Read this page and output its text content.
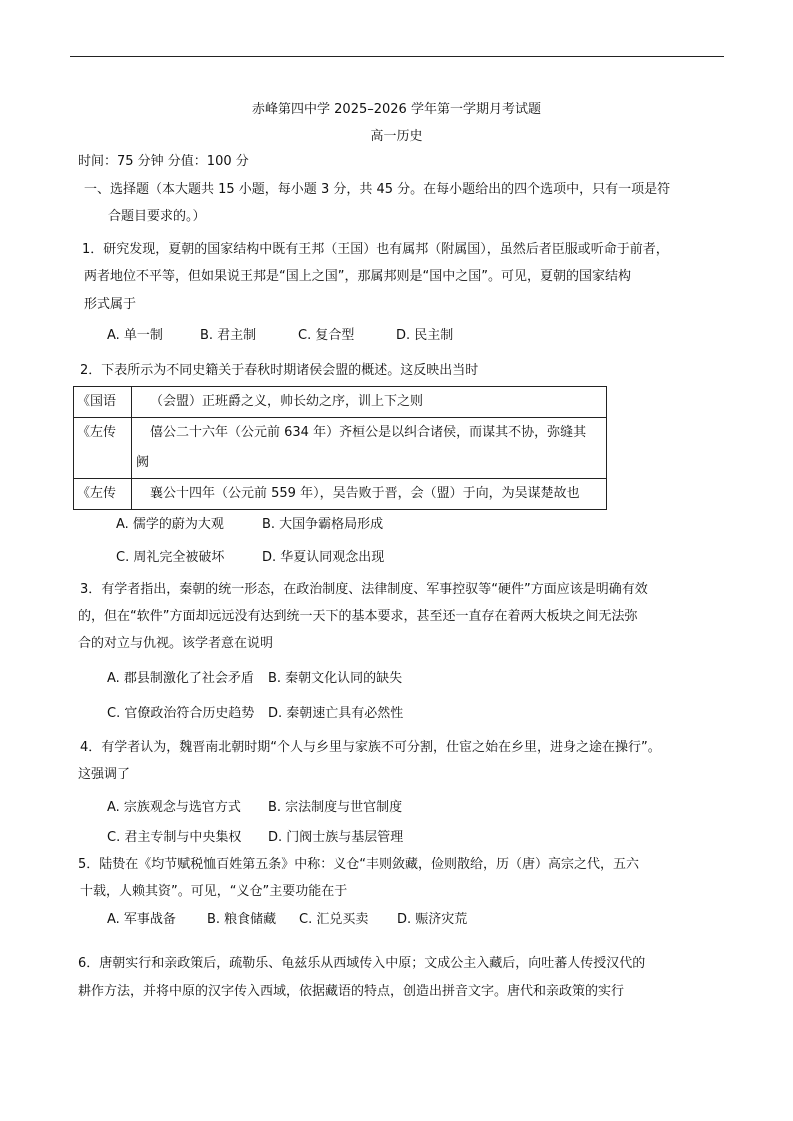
赤峰第四中学 2025–2026 学年第一学期月考试题
高一历史
时间：75 分钟 分值：100 分
一、选择题（本大题共 15 小题，每小题 3 分，共 45 分。在每小题给出的四个选项中，只有一项是符
合题目要求的。）
1．研究发现，夏朝的国家结构中既有王邦（王国）也有属邦（附属国），虽然后者臣服或听命于前者，
两者地位不平等，但如果说王邦是“国上之国”，那属邦则是“国中之国”。可见，夏朝的国家结构
形式属于
A. 单一制	B. 君主制	C. 复合型	D. 民主制
2．下表所示为不同史籍关于春秋时期诸侯会盟的概述。这反映出当时
《国语	（会盟）正班爵之义，帅长幼之序，训上下之则

《左传	僖公二十六年（公元前 634 年）齐桓公是以纠合诸侯，而谋其不协，弥缝其
阙

《左传	襄公十四年（公元前 559 年），吴告败于晋，会（盟）于向，为吴谋楚故也
A. 儒学的蔚为大观	B. 大国争霸格局形成
C. 周礼完全被破坏	D. 华夏认同观念出现
3．有学者指出，秦朝的统一形态，在政治制度、法律制度、军事控驭等“硬件”方面应该是明确有效
的，但在“软件”方面却远远没有达到统一天下的基本要求，甚至还一直存在着两大板块之间无法弥
合的对立与仇视。该学者意在说明
A. 郡县制激化了社会矛盾 B. 秦朝文化认同的缺失
C. 官僚政治符合历史趋势 D. 秦朝速亡具有必然性
4．有学者认为，魏晋南北朝时期“个人与乡里与家族不可分割，仕宦之始在乡里，进身之途在操行”。
这强调了
A. 宗族观念与选官方式 B. 宗法制度与世官制度
C. 君主专制与中央集权 D. 门阀士族与基层管理
5．陆贽在《均节赋税恤百姓第五条》中称：义仓“丰则敛藏，俭则散给，历（唐）高宗之代，五六
十载，人赖其资”。可见，“义仓”主要功能在于
A. 军事战备 B. 粮食储藏 C. 汇兑买卖 D. 赈济灾荒
6．唐朝实行和亲政策后，疏勒乐、龟兹乐从西域传入中原；文成公主入藏后，向吐蕃人传授汉代的
耕作方法，并将中原的汉字传入西域，依据藏语的特点，创造出拼音文字。唐代和亲政策的实行
